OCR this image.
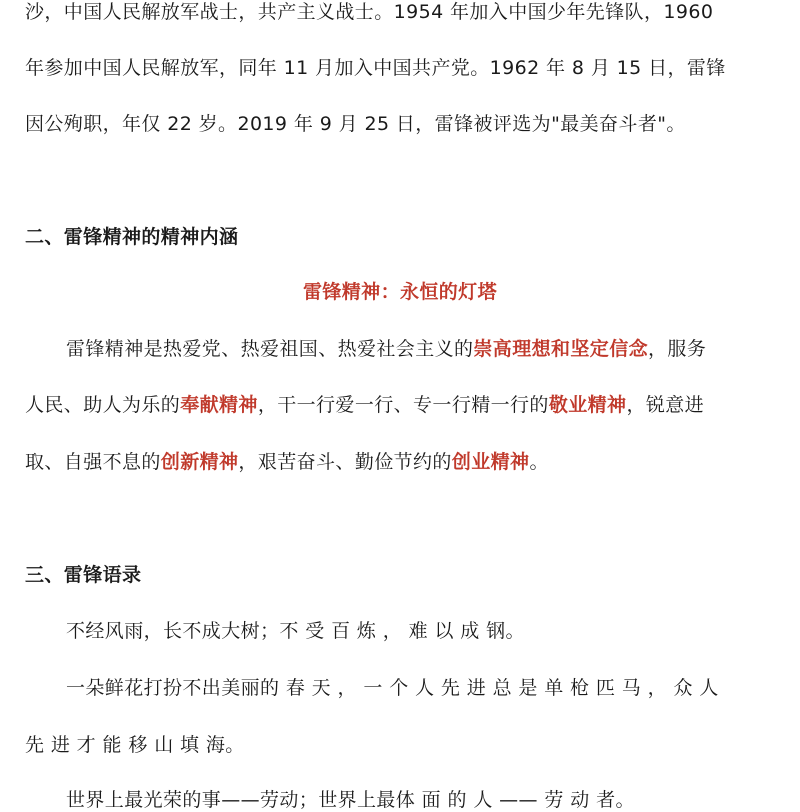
沙，中国人民解放军战士，共产主义战士。1954 年加入中国少年先锋队，1960
年参加中国人民解放军，同年 11 月加入中国共产党。1962 年 8 月 15 日，雷锋
因公殉职，年仅 22 岁。2019 年 9 月 25 日，雷锋被评选为"最美奋斗者"。
二、雷锋精神的精神内涵
雷锋精神：永恒的灯塔
雷锋精神是热爱党、热爱祖国、热爱社会主义的崇高理想和坚定信念，服务
人民、助人为乐的奉献精神，干一行爱一行、专一行精一行的敬业精神，锐意进
取、自强不息的创新精神，艰苦奋斗、勤俭节约的创业精神。
三、雷锋语录
不经风雨，长不成大树；不 受 百 炼 ， 难 以 成 钢。
一朵鲜花打扮不出美丽的 春 天 ， 一 个 人 先 进 总 是 单 枪 匹 马 ， 众 人
先 进 才 能 移 山 填 海。
世界上最光荣的事——劳动；世界上最体 面 的 人 —— 劳 动 者。
